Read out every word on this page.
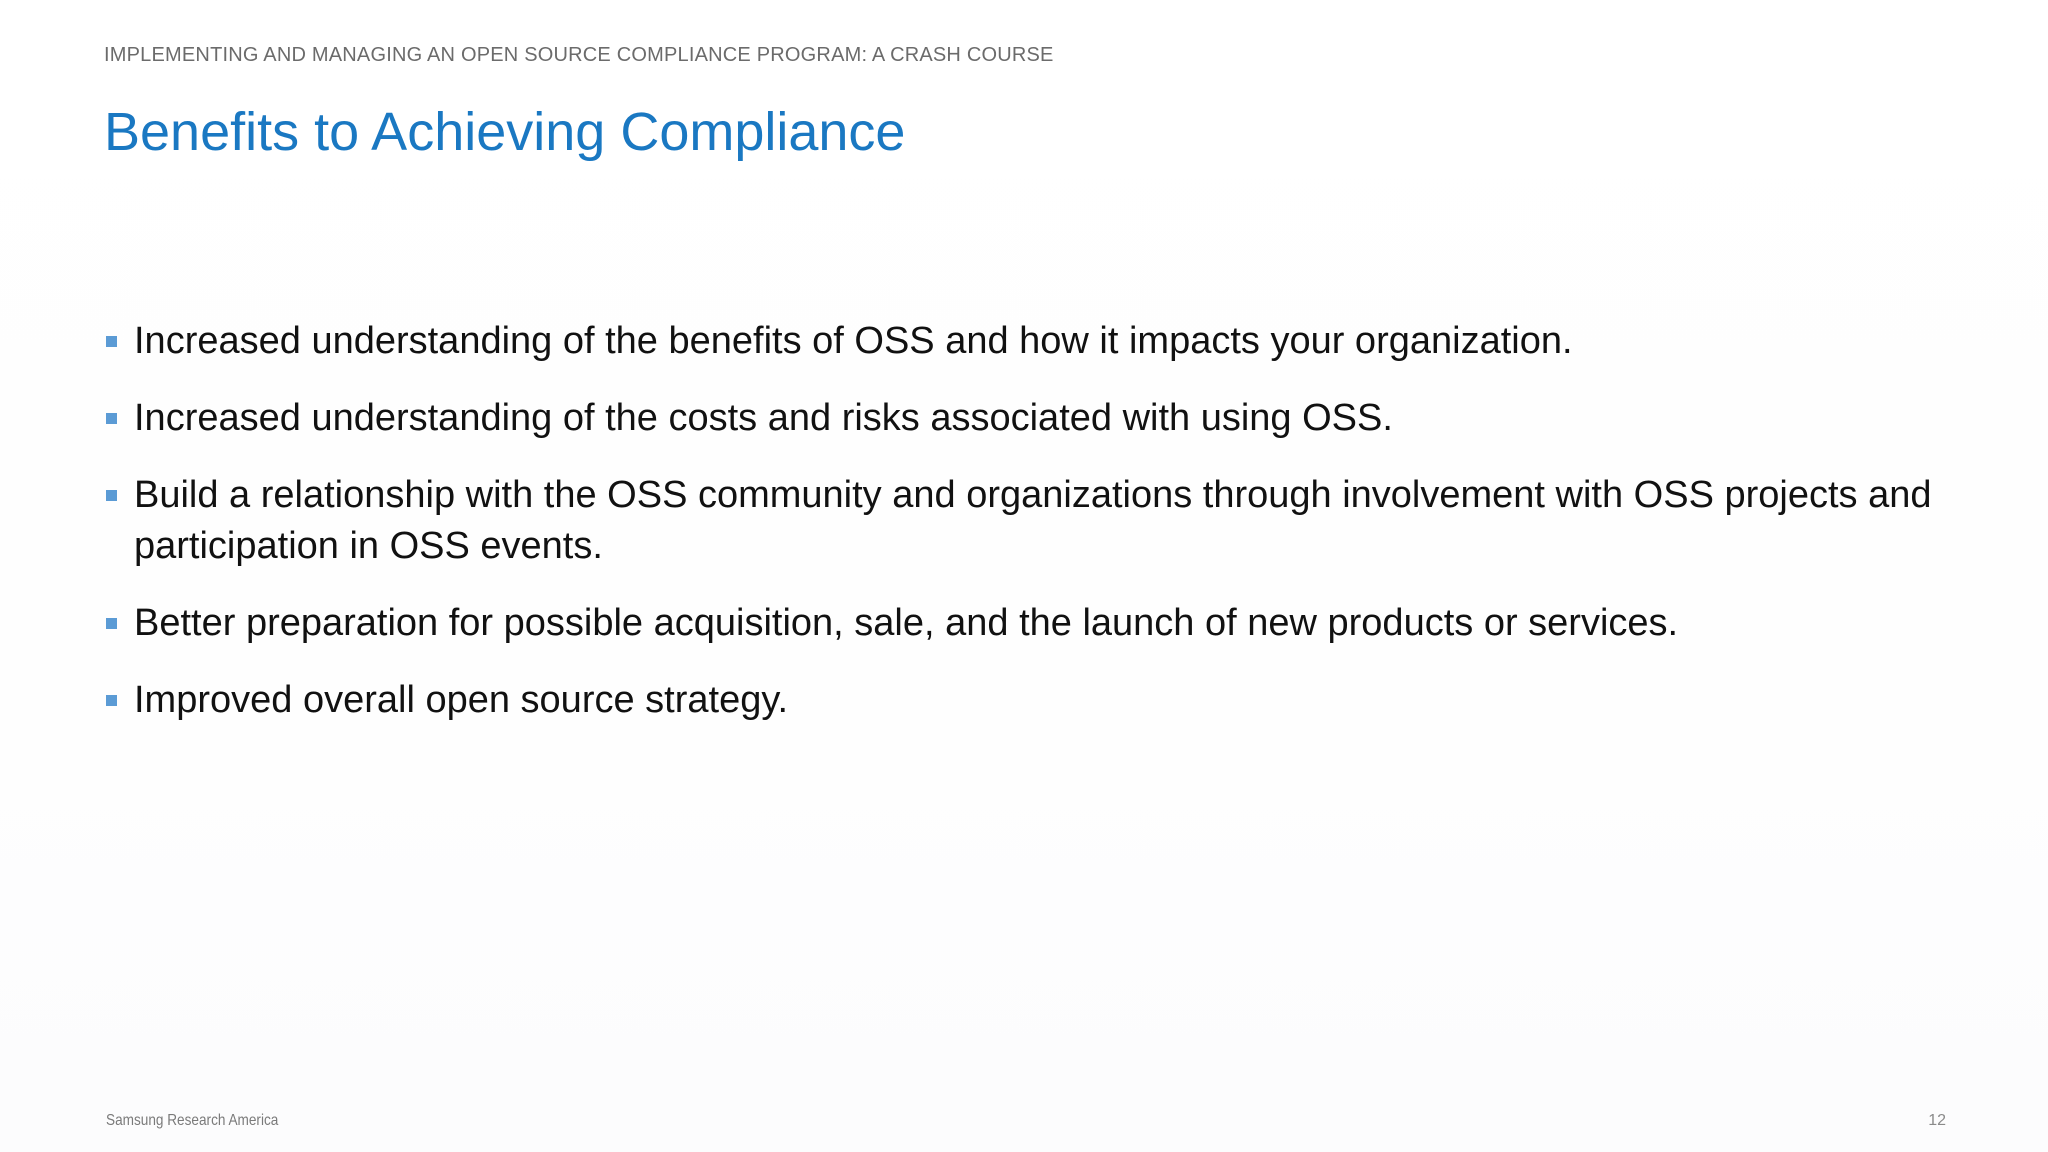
IMPLEMENTING AND MANAGING AN OPEN SOURCE COMPLIANCE PROGRAM: A CRASH COURSE
Benefits to Achieving Compliance
Increased understanding of the benefits of OSS and how it impacts your organization.
Increased understanding of the costs and risks associated with using OSS.
Build a relationship with the OSS community and organizations through involvement with OSS projects and participation in OSS events.
Better preparation for possible acquisition, sale, and the launch of new products or services.
Improved overall open source strategy.
Samsung Research America	12
